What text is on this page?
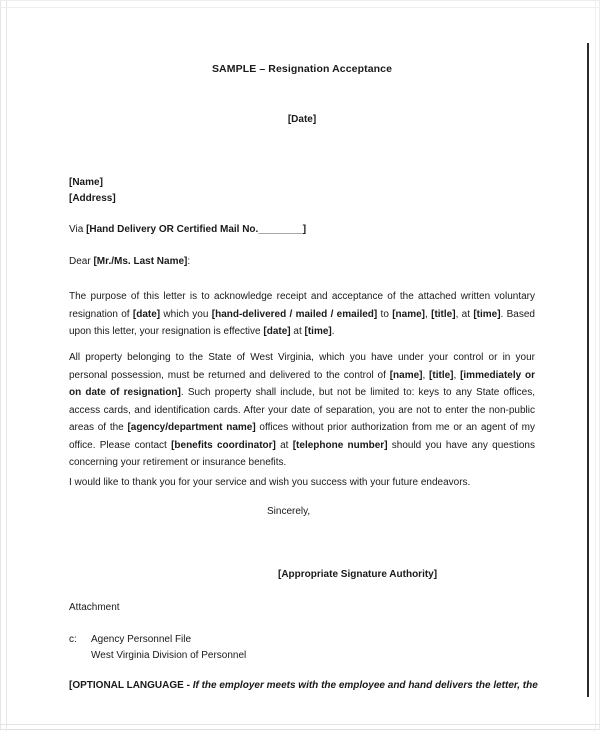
SAMPLE – Resignation Acceptance
[Date]
[Name]
[Address]
Via [Hand Delivery OR Certified Mail No.________]
Dear [Mr./Ms. Last Name]:
The purpose of this letter is to acknowledge receipt and acceptance of the attached written voluntary resignation of [date] which you [hand-delivered / mailed / emailed] to [name], [title], at [time]. Based upon this letter, your resignation is effective [date] at [time].
All property belonging to the State of West Virginia, which you have under your control or in your personal possession, must be returned and delivered to the control of [name], [title], [immediately or on date of resignation]. Such property shall include, but not be limited to: keys to any State offices, access cards, and identification cards. After your date of separation, you are not to enter the non-public areas of the [agency/department name] offices without prior authorization from me or an agent of my office. Please contact [benefits coordinator] at [telephone number] should you have any questions concerning your retirement or insurance benefits.
I would like to thank you for your service and wish you success with your future endeavors.
Sincerely,
[Appropriate Signature Authority]
Attachment
c: Agency Personnel File
West Virginia Division of Personnel
[OPTIONAL LANGUAGE - If the employer meets with the employee and hand delivers the letter, the
